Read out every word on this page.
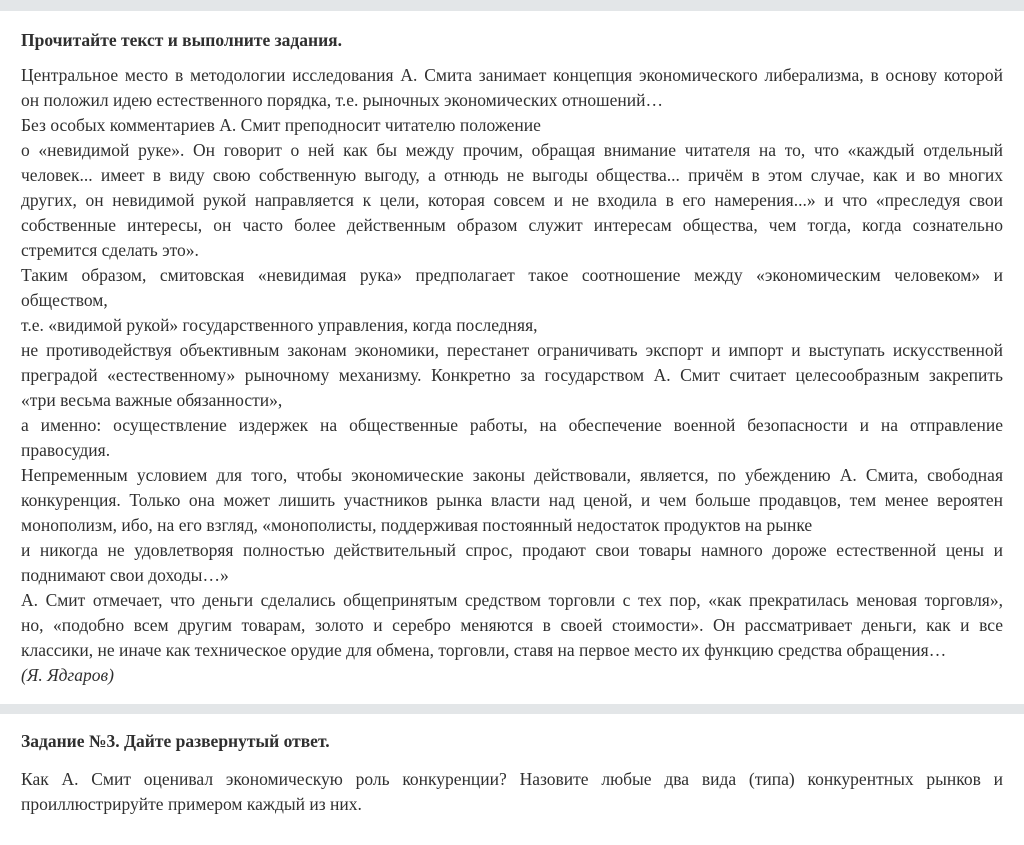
Прочитайте текст и выполните задания.
Центральное место в методологии исследования А. Смита занимает концепция экономического либерализма, в основу которой
он положил идею естественного порядка, т.е. рыночных экономических отношений…
Без особых комментариев А. Смит преподносит читателю положение
о «невидимой руке». Он говорит о ней как бы между прочим, обращая внимание читателя на то, что «каждый отдельный
человек... имеет в виду свою собственную выгоду, а отнюдь не выгоды общества... причём в этом случае, как и во многих
других, он невидимой рукой направляется к цели, которая совсем и не входила в его намерения...» и что «преследуя свои
собственные интересы, он часто более действенным образом служит интересам общества, чем тогда, когда сознательно
стремится сделать это».
Таким образом, смитовская «невидимая рука» предполагает такое соотношение между «экономическим человеком» и
обществом,
т.е. «видимой рукой» государственного управления, когда последняя,
не противодействуя объективным законам экономики, перестанет ограничивать экспорт и импорт и выступать искусственной
преградой «естественному» рыночному механизму. Конкретно за государством А. Смит считает целесообразным закрепить
«три весьма важные обязанности»,
а именно: осуществление издержек на общественные работы, на обеспечение военной безопасности и на отправление
правосудия.
Непременным условием для того, чтобы экономические законы действовали, является, по убеждению А. Смита, свободная
конкуренция. Только она может лишить участников рынка власти над ценой, и чем больше продавцов, тем менее вероятен
монополизм, ибо, на его взгляд, «монополисты, поддерживая постоянный недостаток продуктов на рынке
и никогда не удовлетворяя полностью действительный спрос, продают свои товары намного дороже естественной цены и
поднимают свои доходы…»
А. Смит отмечает, что деньги сделались общепринятым средством торговли с тех пор, «как прекратилась меновая торговля»,
но, «подобно всем другим товарам, золото и серебро меняются в своей стоимости». Он рассматривает деньги, как и все
классики, не иначе как техническое орудие для обмена, торговли, ставя на первое место их функцию средства обращения…
(Я. Ядгаров)
Задание №3. Дайте развернутый ответ.
Как А. Смит оценивал экономическую роль конкуренции? Назовите любые два вида (типа) конкурентных рынков и
проиллюстрируйте примером каждый из них.
